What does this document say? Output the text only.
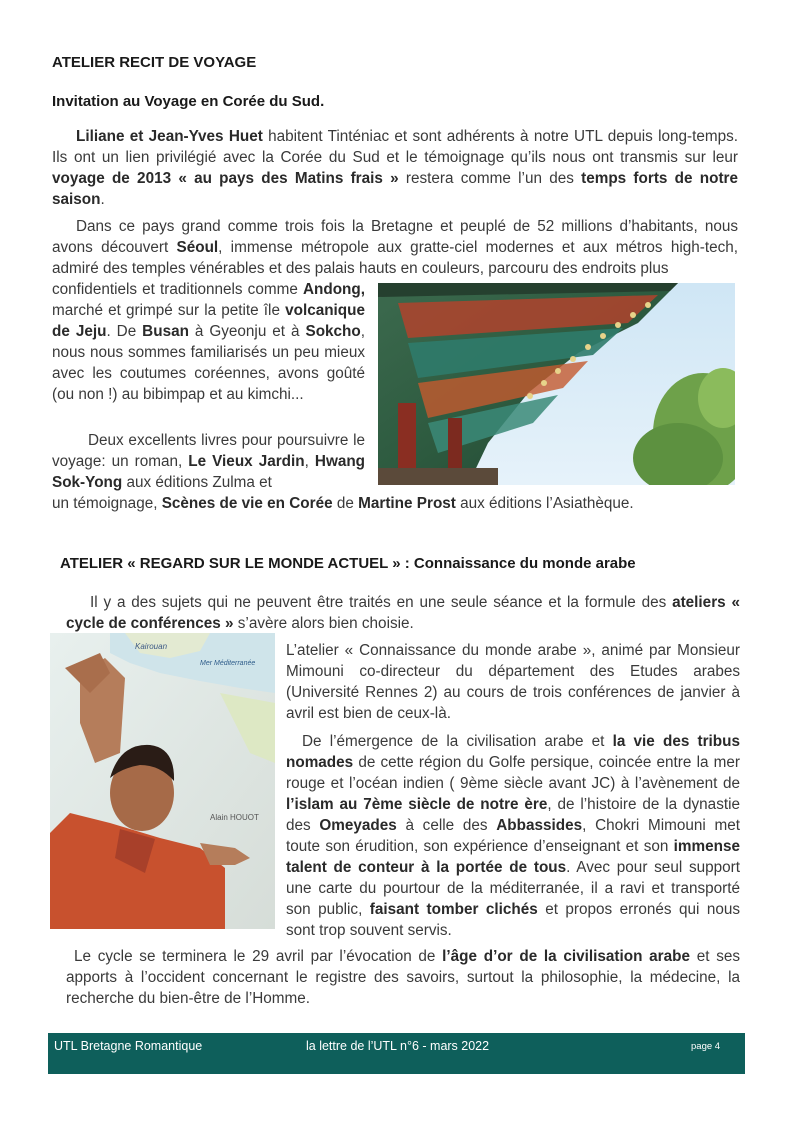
ATELIER RECIT DE VOYAGE
Invitation au Voyage en Corée du Sud.
Liliane et Jean-Yves Huet habitent Tinténiac et sont adhérents à notre UTL depuis long-temps. Ils ont un lien privilégié avec la Corée du Sud et le témoignage qu’ils nous ont transmis sur leur voyage de 2013 « au pays des Matins frais » restera comme l’un des temps forts de notre saison.
Dans ce pays grand comme trois fois la Bretagne et peuplé de 52 millions d’habitants, nous avons découvert Séoul, immense métropole aux gratte-ciel modernes et aux métros high-tech, admiré des temples vénérables et des palais hauts en couleurs, parcouru des endroits plus
confidentiels et traditionnels comme Andong, marché et grimpé sur la petite île volcanique de Jeju. De Busan à Gyeonju et à Sokcho, nous nous sommes familiarisés un peu mieux avec les coutumes coréennes, avons goûté (ou non !) au bibimpap et au kimchi...
Deux excellents livres pour poursuivre le voyage: un roman, Le Vieux Jardin, Hwang Sok-Yong aux éditions Zulma et
un témoignage, Scènes de vie en Corée de Martine Prost aux éditions l’Asiathèque.
ATELIER « REGARD SUR LE MONDE ACTUEL » : Connaissance du monde arabe
Il y a des sujets qui ne peuvent être traités en une seule séance et la formule des ateliers « cycle de conférences » s’avère alors bien choisie.
Kairouan
Mer Méditerranée
Alain HOUOT
L’atelier « Connaissance du monde arabe », animé par Monsieur Mimouni co-directeur du département des Etudes arabes (Université Rennes 2) au cours de trois conférences de janvier à avril est bien de ceux-là.
De l’émergence de la civilisation arabe et la vie des tribus nomades de cette région du Golfe persique, coincée entre la mer rouge et l’océan indien ( 9ème siècle avant JC) à l’avènement de l’islam au 7ème siècle de notre ère, de l’histoire de la dynastie des Omeyades à celle des Abbassides, Chokri Mimouni met toute son érudition, son expérience d’enseignant et son immense talent de conteur à la portée de tous. Avec pour seul support une carte du pourtour de la méditerranée, il a ravi et transporté son public, faisant tomber clichés et propos erronés qui nous sont trop souvent servis.
Le cycle se terminera le 29 avril par l’évocation de l’âge d’or de la civilisation arabe et ses apports à l’occident concernant le registre des savoirs, surtout la philosophie, la médecine, la recherche du bien-être de l’Homme.
UTL Bretagne Romantique	la lettre de l’UTL n°6 - mars 2022	page 4
